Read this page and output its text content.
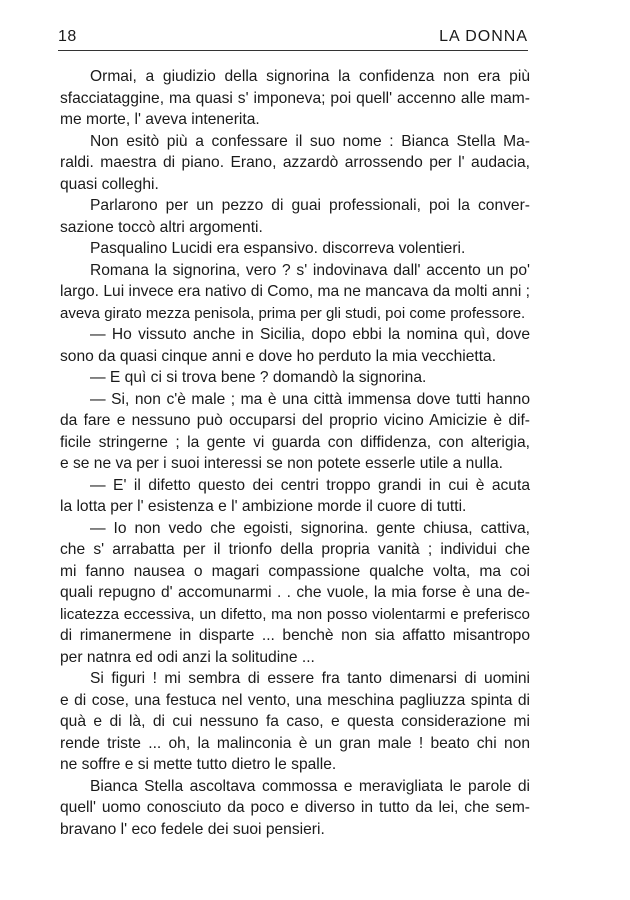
18	LA DONNA
Ormai, a giudizio della signorina la confidenza non era più
sfacciataggine, ma quasi s' imponeva; poi quell' accenno alle mam-
me morte, l' aveva intenerita.
Non esitò più a confessare il suo nome : Bianca Stella Ma-
raldi. maestra di piano. Erano, azzardò arrossendo per l' audacia,
quasi colleghi.
Parlarono per un pezzo di guai professionali, poi la conver-
sazione toccò altri argomenti.
Pasqualino Lucidi era espansivo. discorreva volentieri.
Romana la signorina, vero ? s' indovinava dall' accento un po'
largo. Lui invece era nativo di Como, ma ne mancava da molti anni ;
aveva girato mezza penisola, prima per gli studi, poi come professore.
— Ho vissuto anche in Sicilia, dopo ebbi la nomina quì, dove
sono da quasi cinque anni e dove ho perduto la mia vecchietta.
— E quì ci si trova bene ? domandò la signorina.
— Si, non c'è male ; ma è una città immensa dove tutti hanno
da fare e nessuno può occuparsi del proprio vicino Amicizie è dif-
ficile stringerne ; la gente vi guarda con diffidenza, con alterigia,
e se ne va per i suoi interessi se non potete esserle utile a nulla.
— E' il difetto questo dei centri troppo grandi in cui è acuta
la lotta per l' esistenza e l' ambizione morde il cuore di tutti.
— Io non vedo che egoisti, signorina. gente chiusa, cattiva,
che s' arrabatta per il trionfo della propria vanità ; individui che
mi fanno nausea o magari compassione qualche volta, ma coi
quali repugno d' accomunarmi . . che vuole, la mia forse è una de-
licatezza eccessiva, un difetto, ma non posso violentarmi e preferisco
di rimanermene in disparte ... benchè non sia affatto misantropo
per natnra ed odi anzi la solitudine ...
Si figuri ! mi sembra di essere fra tanto dimenarsi di uomini
e di cose, una festuca nel vento, una meschina pagliuzza spinta di
quà e di là, di cui nessuno fa caso, e questa considerazione mi
rende triste ... oh, la malinconia è un gran male ! beato chi non
ne soffre e si mette tutto dietro le spalle.
Bianca Stella ascoltava commossa e meravigliata le parole di
quell' uomo conosciuto da poco e diverso in tutto da lei, che sem-
bravano l' eco fedele dei suoi pensieri.
